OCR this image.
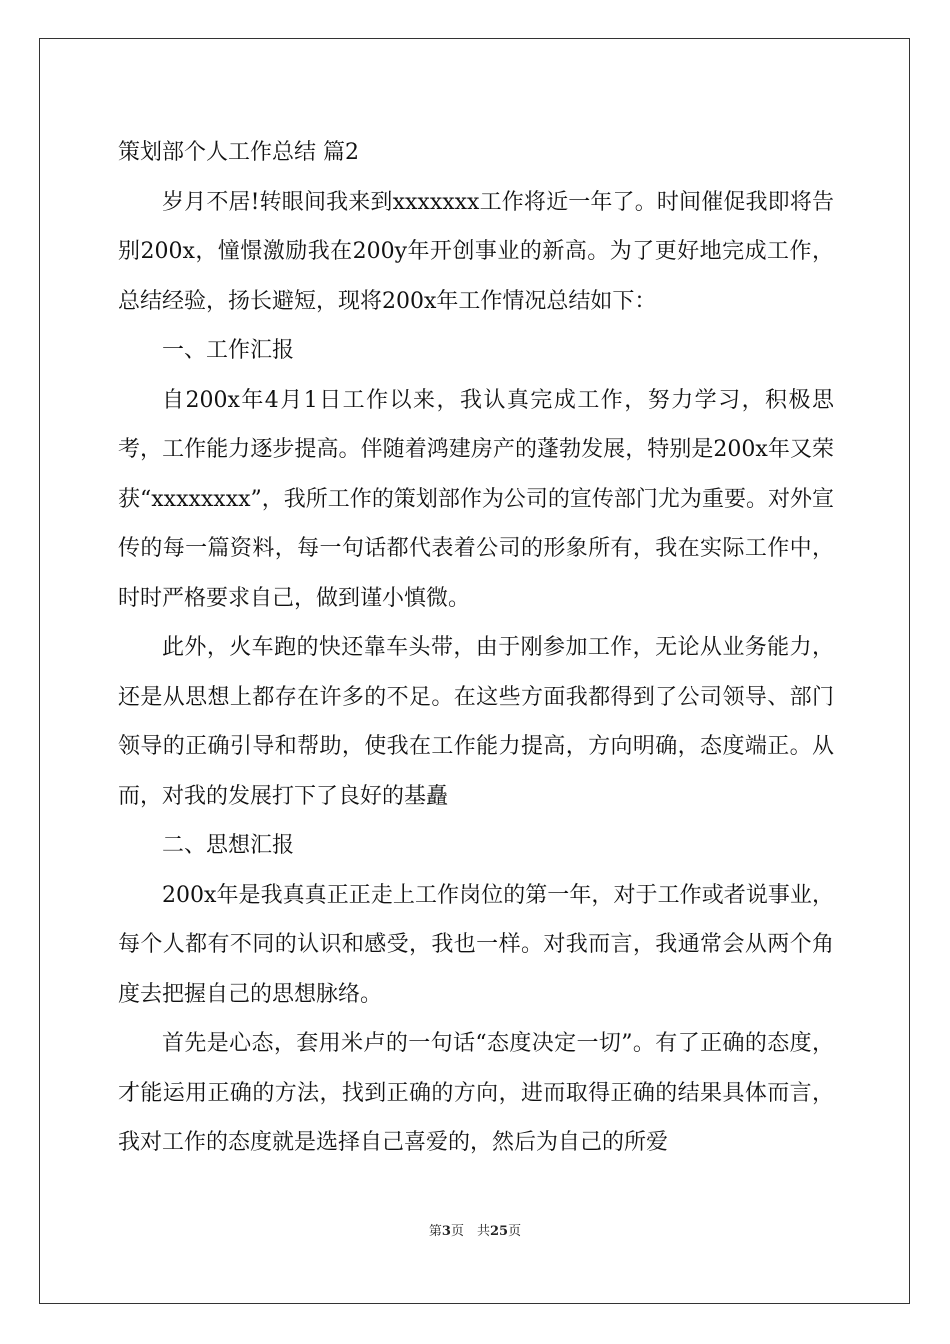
策划部个人工作总结 篇2

岁月不居!转眼间我来到xxxxxxx工作将近一年了。时间催促我即将告别200x，憧憬激励我在200y年开创事业的新高。为了更好地完成工作，总结经验，扬长避短，现将200x年工作情况总结如下：

一、工作汇报

自200x年4月1日工作以来，我认真完成工作，努力学习，积极思考，工作能力逐步提高。伴随着鸿建房产的蓬勃发展，特别是200x年又荣获“xxxxxxxx”，我所工作的策划部作为公司的宣传部门尤为重要。对外宣传的每一篇资料，每一句话都代表着公司的形象所有，我在实际工作中，时时严格要求自己，做到谨小慎微。

此外，火车跑的快还靠车头带，由于刚参加工作，无论从业务能力，还是从思想上都存在许多的不足。在这些方面我都得到了公司领导、部门领导的正确引导和帮助，使我在工作能力提高，方向明确，态度端正。从而，对我的发展打下了良好的基矗

二、思想汇报

200x年是我真真正正走上工作岗位的第一年，对于工作或者说事业，每个人都有不同的认识和感受，我也一样。对我而言，我通常会从两个角度去把握自己的思想脉络。

首先是心态，套用米卢的一句话“态度决定一切”。有了正确的态度，才能运用正确的方法，找到正确的方向，进而取得正确的结果具体而言，我对工作的态度就是选择自己喜爱的，然后为自己的所爱

第3页　共25页
